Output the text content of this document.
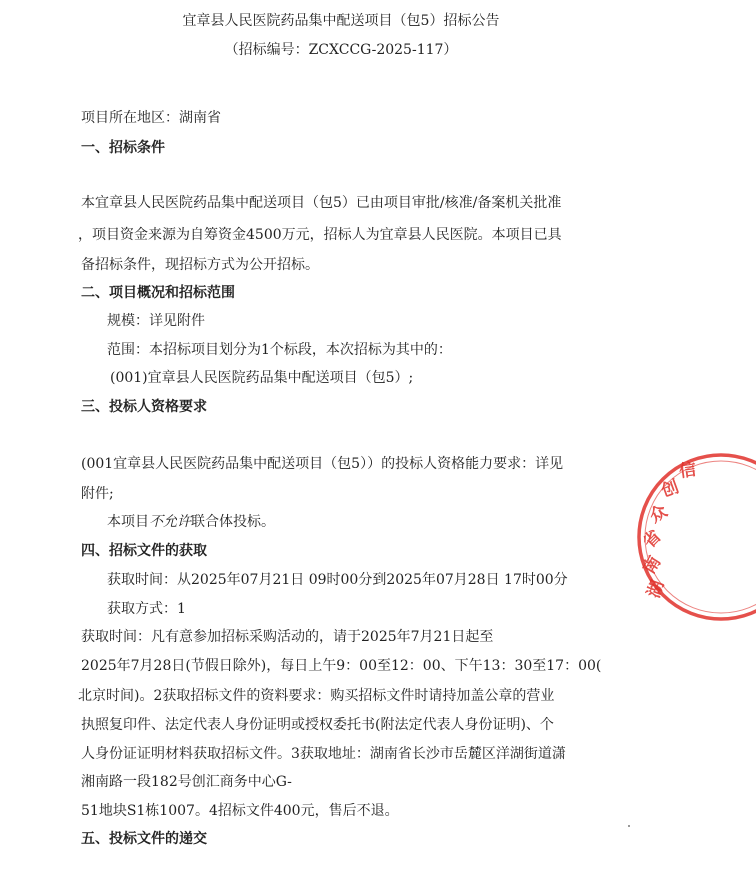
宜章县人民医院药品集中配送项目（包5）招标公告
（招标编号：ZCXCCG-2025-117）
项目所在地区：湖南省
一、招标条件
本宜章县人民医院药品集中配送项目（包5）已由项目审批/核准/备案机关批准
，项目资金来源为自筹资金4500万元，招标人为宜章县人民医院。本项目已具
备招标条件，现招标方式为公开招标。
二、项目概况和招标范围
规模：详见附件
范围：本招标项目划分为1个标段，本次招标为其中的：
(001)宜章县人民医院药品集中配送项目（包5）;
三、投标人资格要求
(001宜章县人民医院药品集中配送项目（包5））的投标人资格能力要求：详见
附件;
本项目不允许联合体投标。
四、招标文件的获取
获取时间：从2025年07月21日 09时00分到2025年07月28日 17时00分
获取方式：1
获取时间：凡有意参加招标采购活动的，请于2025年7月21日起至
2025年7月28日(节假日除外)，每日上午9：00至12：00、下午13：30至17：00(
北京时间)。2获取招标文件的资料要求：购买招标文件时请持加盖公章的营业
执照复印件、法定代表人身份证明或授权委托书(附法定代表人身份证明)、个
人身份证证明材料获取招标文件。3获取地址：湖南省长沙市岳麓区洋湖街道潇
湘南路一段182号创汇商务中心G-
51地块S1栋1007。4招标文件400元，售后不退。
五、投标文件的递交
湖
南
省
众
创
信
